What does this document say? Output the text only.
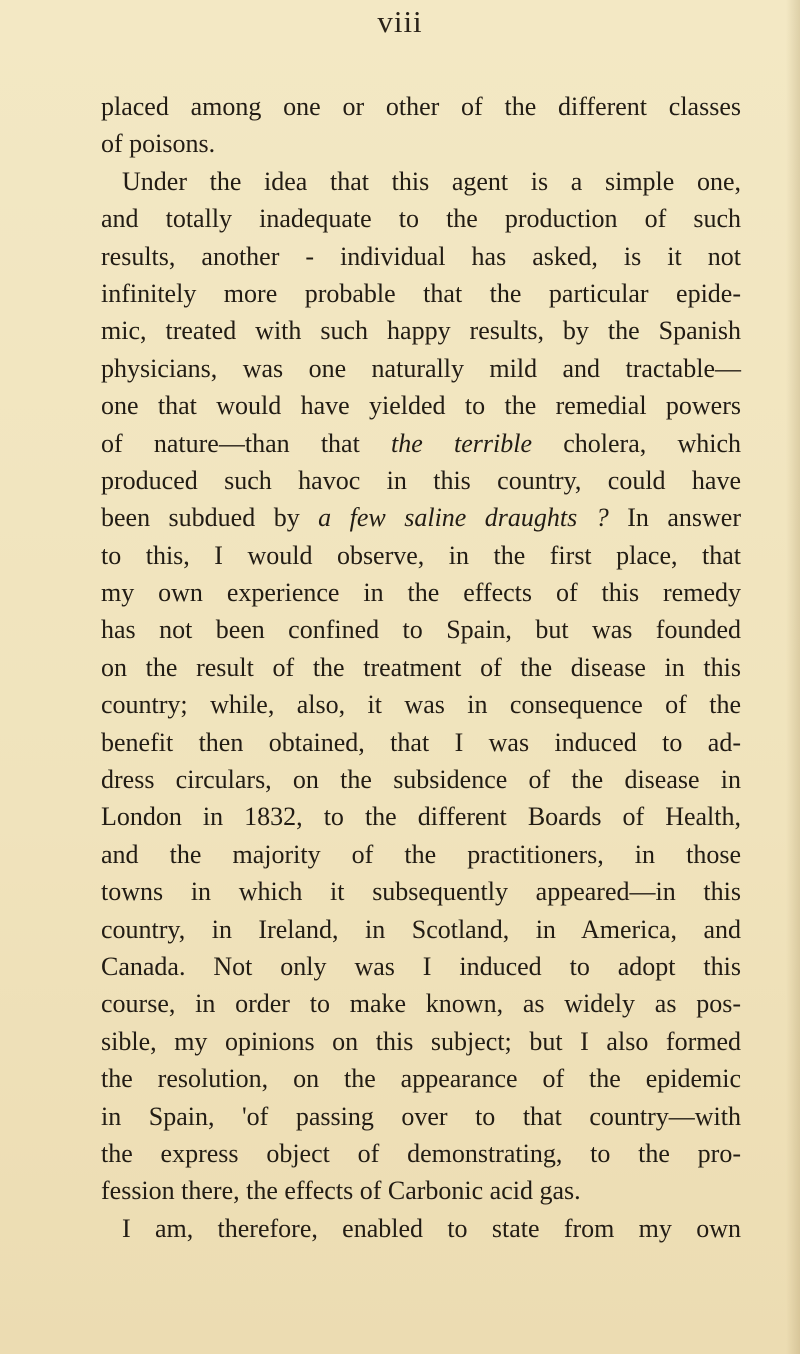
viii

placed among one or other of the different classes
of poisons.
Under the idea that this agent is a simple one,
and totally inadequate to the production of such
results, another - individual has asked, is it not
infinitely more probable that the particular epide-
mic, treated with such happy results, by the Spanish
physicians, was one naturally mild and tractable—
one that would have yielded to the remedial powers
of nature—than that the terrible cholera, which
produced such havoc in this country, could have
been subdued by a few saline draughts ? In answer
to this, I would observe, in the first place, that
my own experience in the effects of this remedy
has not been confined to Spain, but was founded
on the result of the treatment of the disease in this
country; while, also, it was in consequence of the
benefit then obtained, that I was induced to ad-
dress circulars, on the subsidence of the disease in
London in 1832, to the different Boards of Health,
and the majority of the practitioners, in those
towns in which it subsequently appeared—in this
country, in Ireland, in Scotland, in America, and
Canada. Not only was I induced to adopt this
course, in order to make known, as widely as pos-
sible, my opinions on this subject; but I also formed
the resolution, on the appearance of the epidemic
in Spain, 'of passing over to that country—with
the express object of demonstrating, to the pro-
fession there, the effects of Carbonic acid gas.
I am, therefore, enabled to state from my own
